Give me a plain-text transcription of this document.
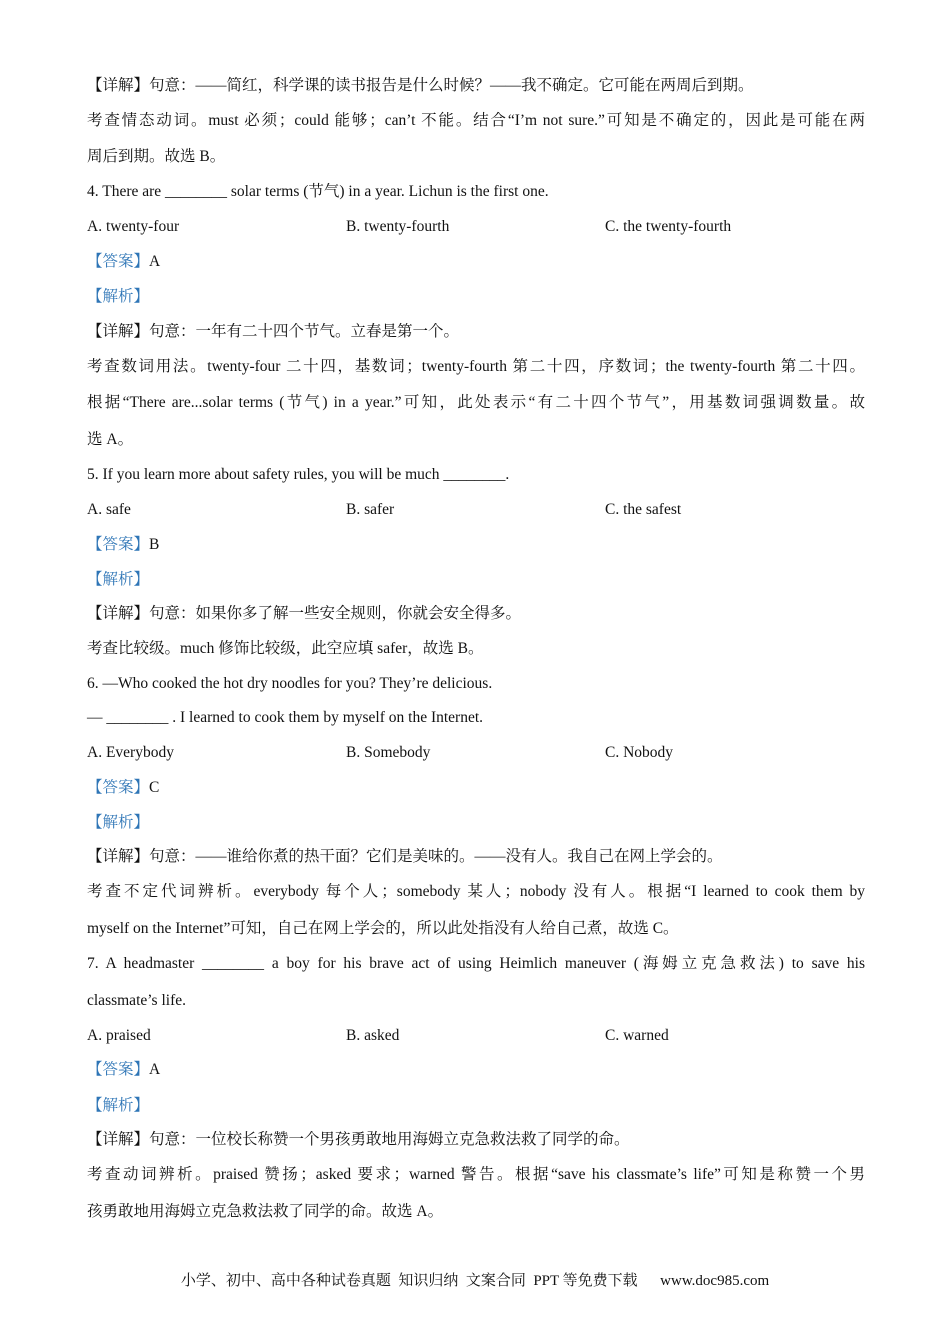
【详解】句意：——简红，科学课的读书报告是什么时候？——我不确定。它可能在两周后到期。
考查情态动词。must 必须；could 能够；can’t 不能。结合“I’m not sure.”可知是不确定的，因此是可能在两
周后到期。故选 B。
4. There are ________ solar terms (节气) in a year. Lichun is the first one.
A. twenty-four	B. twenty-fourth	C. the twenty-fourth
【答案】A
【解析】
【详解】句意：一年有二十四个节气。立春是第一个。
考查数词用法。twenty-four 二十四，基数词；twenty-fourth 第二十四，序数词；the twenty-fourth 第二十四。
根据“There are...solar terms (节气) in a year.”可知，此处表示“有二十四个节气”，用基数词强调数量。故
选 A。
5. If you learn more about safety rules, you will be much ________.
A. safe	B. safer	C. the safest
【答案】B
【解析】
【详解】句意：如果你多了解一些安全规则，你就会安全得多。
考查比较级。much 修饰比较级，此空应填 safer，故选 B。
6. —Who cooked the hot dry noodles for you? They’re delicious.
— ________ . I learned to cook them by myself on the Internet.
A. Everybody	B. Somebody	C. Nobody
【答案】C
【解析】
【详解】句意：——谁给你煮的热干面？它们是美味的。——没有人。我自己在网上学会的。
考查不定代词辨析。everybody 每个人；somebody 某人；nobody 没有人。根据“I learned to cook them by
myself on the Internet”可知，自己在网上学会的，所以此处指没有人给自己煮，故选 C。
7. A headmaster ________ a boy for his brave act of using Heimlich maneuver (海姆立克急救法) to save his
classmate’s life.
A. praised	B. asked	C. warned
【答案】A
【解析】
【详解】句意：一位校长称赞一个男孩勇敢地用海姆立克急救法救了同学的命。
考查动词辨析。praised 赞扬；asked 要求；warned 警告。根据“save his classmate’s life”可知是称赞一个男
孩勇敢地用海姆立克急救法救了同学的命。故选 A。
小学、初中、高中各种试卷真题  知识归纳  文案合同  PPT 等免费下载 www.doc985.com
